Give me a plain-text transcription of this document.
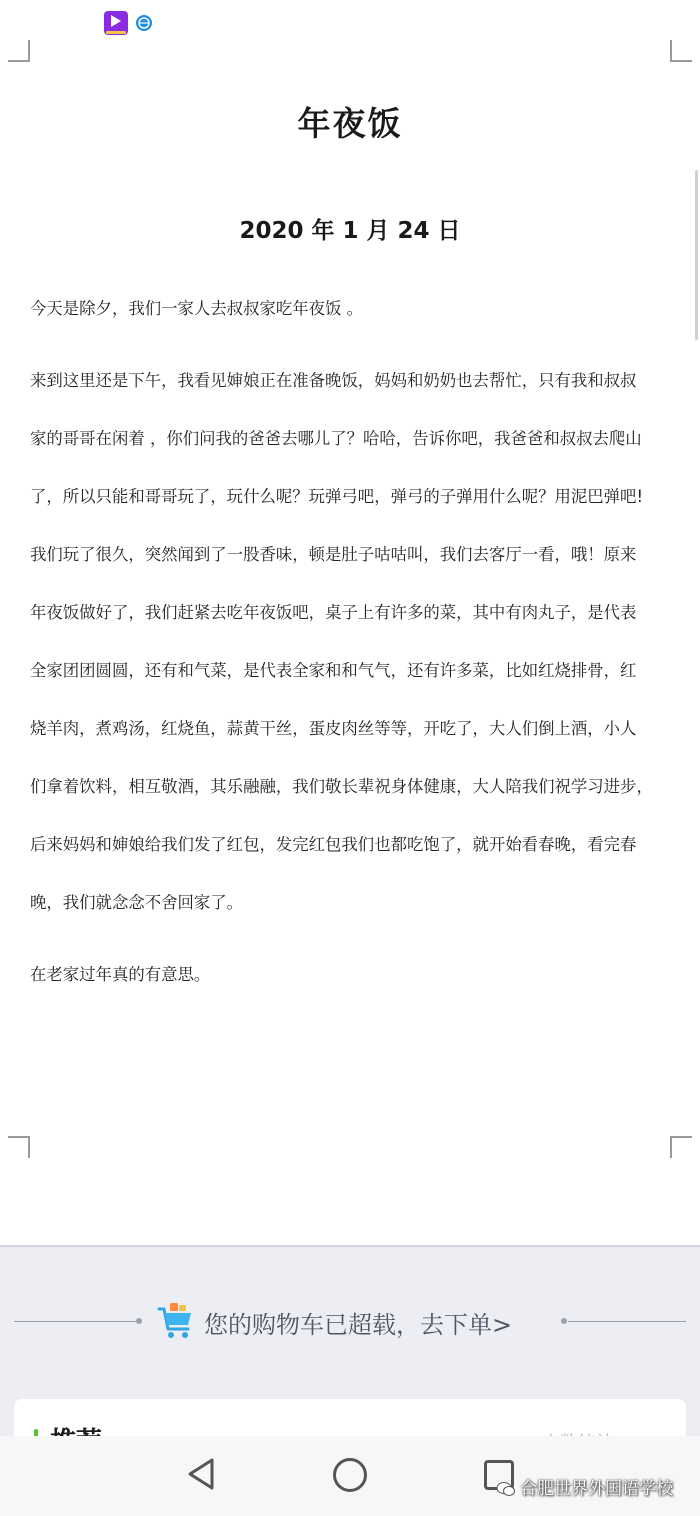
年夜饭
2020 年 1 月 24 日
今天是除夕，我们一家人去叔叔家吃年夜饭 。
来到这里还是下午，我看见婶娘正在准备晚饭，妈妈和奶奶也去帮忙，只有我和叔叔
家的哥哥在闲着 ，你们问我的爸爸去哪儿了？哈哈，告诉你吧，我爸爸和叔叔去爬山
了，所以只能和哥哥玩了，玩什么呢？玩弹弓吧，弹弓的子弹用什么呢？用泥巴弹吧!
我们玩了很久，突然闻到了一股香味，顿是肚子咕咕叫，我们去客厅一看，哦！原来
年夜饭做好了，我们赶紧去吃年夜饭吧，桌子上有许多的菜，其中有肉丸子，是代表
全家团团圆圆，还有和气菜，是代表全家和和气气，还有许多菜，比如红烧排骨，红
烧羊肉，煮鸡汤，红烧鱼，蒜黄干丝，蛋皮肉丝等等，开吃了，大人们倒上酒，小人
们拿着饮料，相互敬酒，其乐融融，我们敬长辈祝身体健康，大人陪我们祝学习进步，
后来妈妈和婶娘给我们发了红包，发完红包我们也都吃饱了，就开始看春晚，看完春
晚，我们就念念不舍回家了。
在老家过年真的有意思。
您的购物车已超载，去下单>
合肥世界外国语学校
